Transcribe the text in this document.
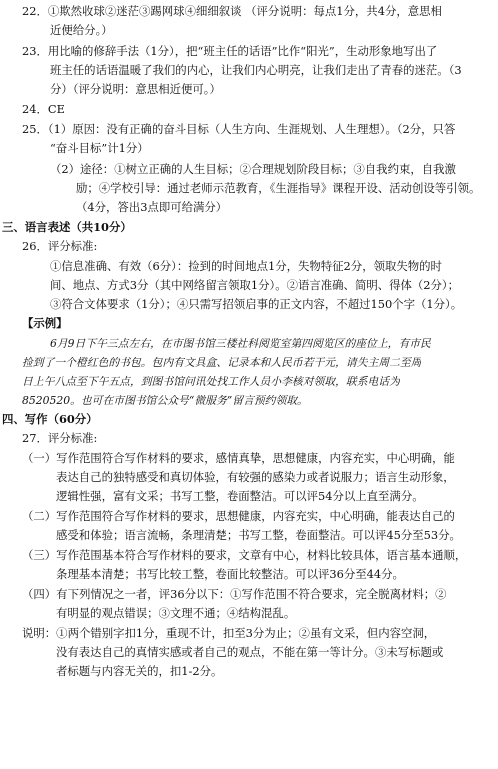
22．①欺然收球②迷茫③踢网球④细细叙谈 （评分说明：每点1分，共4分，意思相
近便给分。）
23．用比喻的修辞手法（1分），把“班主任的话语”比作“阳光”，生动形象地写出了
班主任的话语温暖了我们的内心，让我们内心明亮，让我们走出了青春的迷茫。（3
分）（评分说明：意思相近便可。）
24．CE
25．（1）原因：没有正确的奋斗目标（人生方向、生涯规划、人生理想）。（2分，只答
“奋斗目标”计1分）
（2）途径：①树立正确的人生目标；②合理规划阶段目标；③自我约束，自我激
励；④学校引导：通过老师示范教育，《生涯指导》课程开设、活动创设等引领。
（4分，答出3点即可给满分）
三、语言表述（共10分）
26．评分标准:
①信息准确、有效（6分）：捡到的时间地点1分，失物特征2分，领取失物的时
间、地点、方式3分（其中网络留言领取1分）。②语言准确、简明、得体（2分）；
③符合文体要求（1分）；④只需写招领启事的正文内容，不超过150个字（1分）。
【示例】
6月9日下午三点左右，在市图书馆三楼社科阅览室第四阅览区的座位上，有市民
捡到了一个橙红色的书包。包内有文具盒、记录本和人民币若干元，请失主周二至周
日上午八点至下午五点，到图书馆问讯处找工作人员小李核对领取，联系电话为
8520520。也可在市图书馆公众号“微服务”留言预约领取。
四、写作（60分）
27．评分标准:
（一）写作范围符合写作材料的要求，感情真挚，思想健康，内容充实，中心明确，能
表达自己的独特感受和真切体验，有较强的感染力或者说服力；语言生动形象，
逻辑性强，富有文采；书写工整，卷面整洁。可以评54分以上直至满分。
（二）写作范围符合写作材料的要求，思想健康，内容充实，中心明确，能表达自己的
感受和体验；语言流畅，条理清楚；书写工整，卷面整洁。可以评45分至53分。
（三）写作范围基本符合写作材料的要求，文章有中心，材料比较具体，语言基本通顺，
条理基本清楚；书写比较工整，卷面比较整洁。可以评36分至44分。
（四）有下列情况之一者，评36分以下：①写作范围不符合要求，完全脱离材料；②
有明显的观点错误；③文理不通；④结构混乱。
说明：①两个错别字扣1分，重现不计，扣至3分为止；②虽有文采，但内容空洞，
没有表达自己的真情实感或者自己的观点，不能在第一等计分。③未写标题或
者标题与内容无关的，扣1-2分。
